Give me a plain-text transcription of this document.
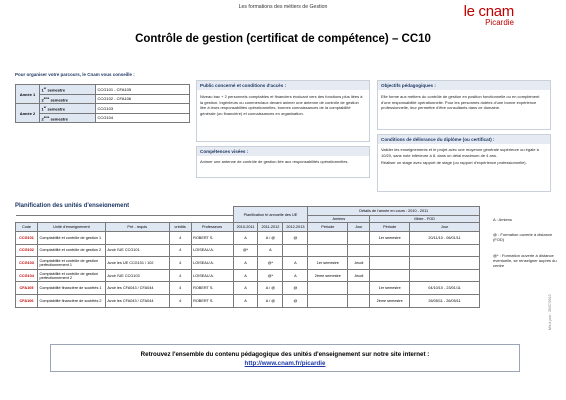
Les formations des métiers de Gestion	le cnam
Picardie
Contrôle de gestion (certificat de compétence) – CC10
Pour organiser votre parcours, le Cnam vous conseille :
Année 1	1er semestre	CCG101 - CFA105
	2ème semestre	CCG102 - CFA106
Année 2	1er semestre	CCG103
	2ème semestre	CCG104
Public concerné et conditions d'accès :
Niveau bac + 2 personnels comptables et financiers évoluant vers des fonctions plus liées à la gestion. Ingénieurs ou commerciaux devant animer une antenne de contrôle de gestion liée à leurs responsabilités opérationnelles, bonnes connaissances de la comptabilité générale (ou financière) et connaissances en organisation.
Compétences visées :
Animer une antenne de contrôle de gestion liée aux responsabilités opérationnelles.
Objectifs pédagogiques :
Elle forme aux métiers du contrôle de gestion en position fonctionnelle ou en complément d'une responsabilité opérationnelle. Pour les personnes dotées d'une bonne expérience professionnelle, leur permettre d'être consultants dans ce domaine.
Conditions de délivrance du diplôme (ou certificat) :
Valider les enseignements et le projet avec une moyenne générale supérieure ou égale à 10/20, sans note inférieure à 8, dans un délai maximum de 4 ans.
Réaliser un stage avec rapport de stage (ou rapport d'expérience professionnelle).
					Planification tri annuelle des UE			Détails de l'année en cours : 2010 - 2011			
								Amiens		Mixte - FOD	
Code	Unité d'enseignement	Pré - requis	crédits	Professeurs	2010-2011	2011-2012	2012-2013	Période	Jour	Période	Jour
CCG101	Comptabilité et contrôle de gestion 1		4	ROBERT S.	A	A / @	@			1er semestre	20/11/10 - 06/01/11
CCG102	Comptabilité et contrôle de gestion 2	Avoir l'UE CCG101	4	LOISEAU A.	@*	A					
CCG103	Comptabilité et contrôle de gestion perfectionnement 1	Avoir les UE CCG101 / 102	4	LOISEAU A.	A	@*	A	1er semestre	Jeudi		
CCG104	Comptabilité et contrôle de gestion perfectionnement 2	Avoir l'UE CCG103	4	LOISEAU A.	A	@*	A	2ème semestre	Jeudi		
CFA105	Comptabilité financière de sociétés 1	Avoir les CFA043 / CFA044	4	ROBERT S.	A	A / @	@			1er semestre	04/10/10 - 23/01/11
CFA106	Comptabilité financière de sociétés 2	Avoir les CFA043 / CFA044	4	ROBERT S.	A	A / @	@			2ème semestre	26/05/11 - 26/05/11
A : Amiens
@ : Formation ouverte à distance (FOD)
@* : Formation ouverte à distance éventuelle, se renseigner auprès du centre
Retrouvez l'ensemble du contenu pédagogique des unités d'enseignement sur notre site internet :
http://www.cnam.fr/picardie
Mis à jour : 25/07/2010
